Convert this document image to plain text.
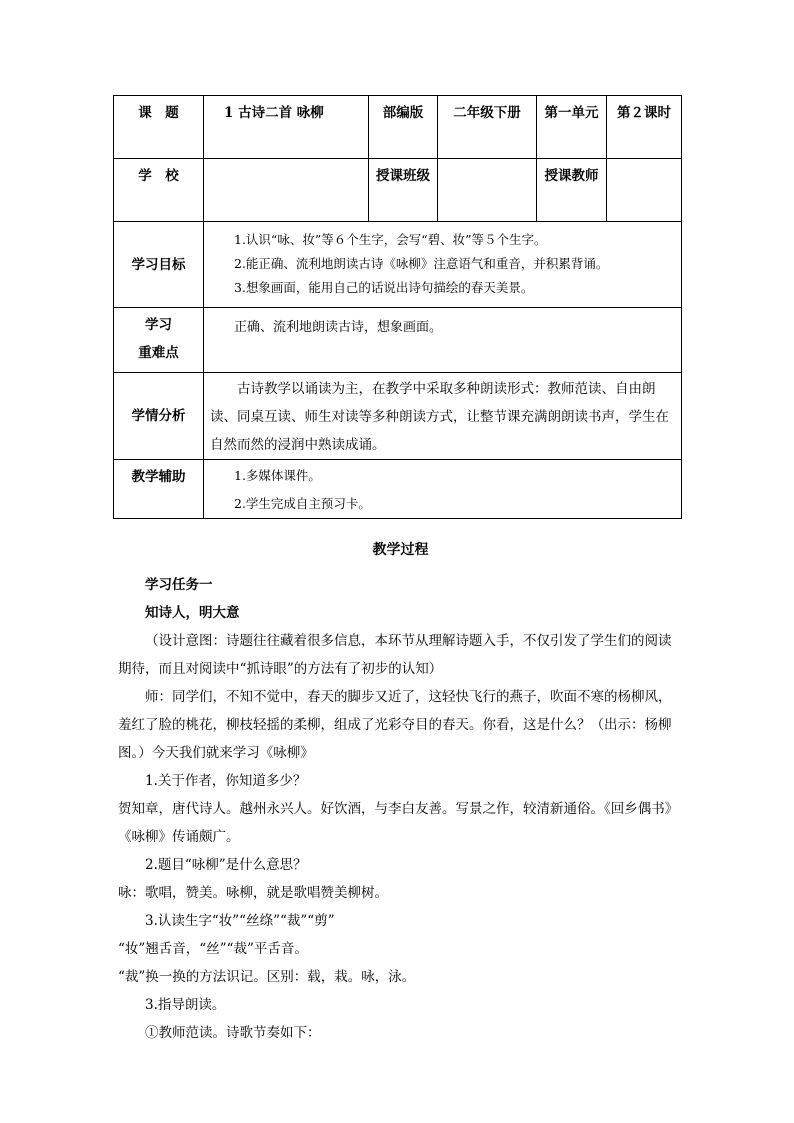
课　题	1 古诗二首 咏柳	部编版	二年级下册	第一单元	第２课时
学　校		授课班级		授课教师	
学习目标	1.认识“咏、妆”等６个生字，会写“碧、妆”等５个生字。
2.能正确、流利地朗读古诗《咏柳》注意语气和重音，并积累背诵。
3.想象画面，能用自己的话说出诗句描绘的春天美景。				

学习
重难点	正确、流利地朗读古诗，想象画面。				
学情分析	古诗教学以诵读为主，在教学中采取多种朗读形式：教师范读、自由朗读、同桌互读、师生对读等多种朗读方式，让整节课充满朗朗读书声，学生在自然而然的浸润中熟读成诵。				
教学辅助	1.多媒体课件。
2.学生完成自主预习卡。				
教学过程

学习任务一

知诗人，明大意

（设计意图：诗题往往藏着很多信息，本环节从理解诗题入手，不仅引发了学生们的阅读期待，而且对阅读中“抓诗眼”的方法有了初步的认知）

师：同学们，不知不觉中，春天的脚步又近了，这轻快飞行的燕子，吹面不寒的杨柳风，羞红了脸的桃花，柳枝轻摇的柔柳，组成了光彩夺目的春天。你看，这是什么？（出示：杨柳图。）今天我们就来学习《咏柳》

1.关于作者，你知道多少？

贺知章，唐代诗人。越州永兴人。好饮酒，与李白友善。写景之作，较清新通俗。《回乡偶书》《咏柳》传诵颇广。

2.题目“咏柳”是什么意思？

咏：歌唱，赞美。咏柳，就是歌唱赞美柳树。

3.认读生字“妆”“丝绦”“裁”“剪”

“妆”翘舌音，“丝”“裁”平舌音。

“裁”换一换的方法识记。区别：载，栽。咏，泳。

3.指导朗读。

①教师范读。诗歌节奏如下：
